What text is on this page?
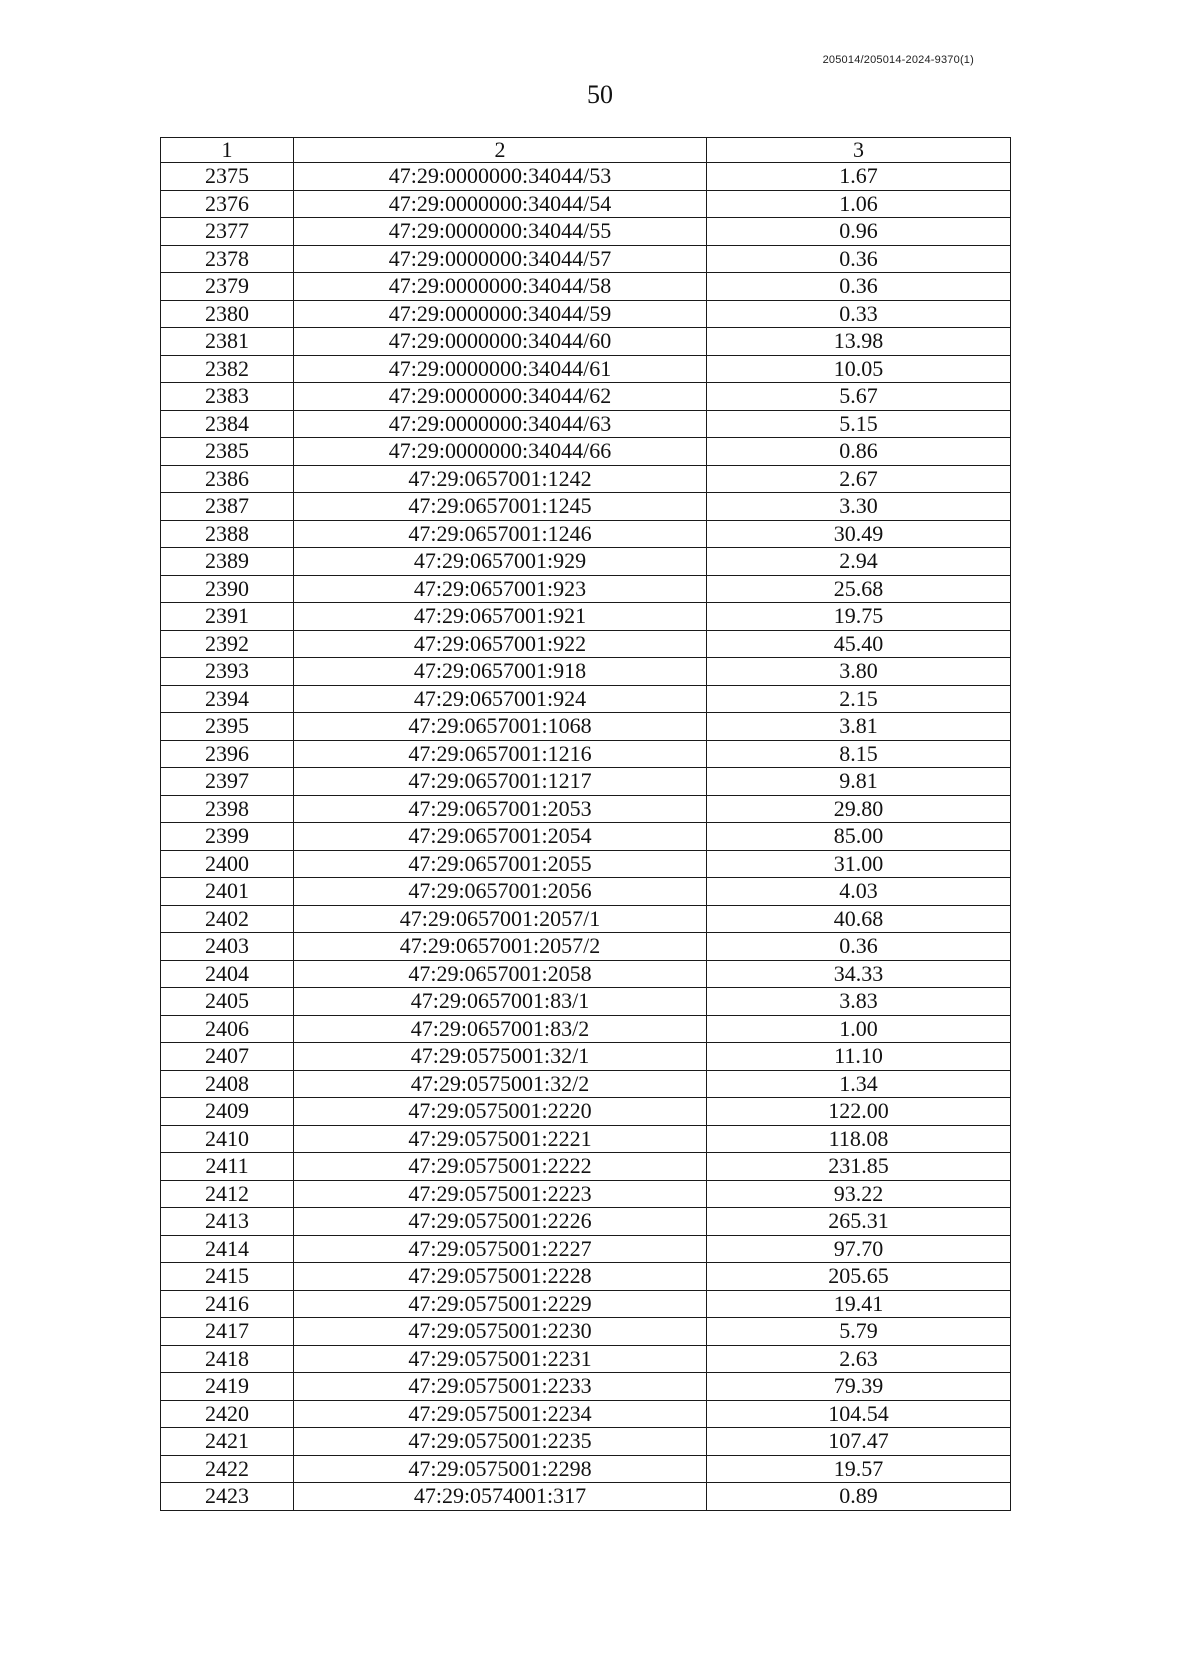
205014/205014-2024-9370(1)
50
1	2	3
2375	47:29:0000000:34044/53	1.67
2376	47:29:0000000:34044/54	1.06
2377	47:29:0000000:34044/55	0.96
2378	47:29:0000000:34044/57	0.36
2379	47:29:0000000:34044/58	0.36
2380	47:29:0000000:34044/59	0.33
2381	47:29:0000000:34044/60	13.98
2382	47:29:0000000:34044/61	10.05
2383	47:29:0000000:34044/62	5.67
2384	47:29:0000000:34044/63	5.15
2385	47:29:0000000:34044/66	0.86
2386	47:29:0657001:1242	2.67
2387	47:29:0657001:1245	3.30
2388	47:29:0657001:1246	30.49
2389	47:29:0657001:929	2.94
2390	47:29:0657001:923	25.68
2391	47:29:0657001:921	19.75
2392	47:29:0657001:922	45.40
2393	47:29:0657001:918	3.80
2394	47:29:0657001:924	2.15
2395	47:29:0657001:1068	3.81
2396	47:29:0657001:1216	8.15
2397	47:29:0657001:1217	9.81
2398	47:29:0657001:2053	29.80
2399	47:29:0657001:2054	85.00
2400	47:29:0657001:2055	31.00
2401	47:29:0657001:2056	4.03
2402	47:29:0657001:2057/1	40.68
2403	47:29:0657001:2057/2	0.36
2404	47:29:0657001:2058	34.33
2405	47:29:0657001:83/1	3.83
2406	47:29:0657001:83/2	1.00
2407	47:29:0575001:32/1	11.10
2408	47:29:0575001:32/2	1.34
2409	47:29:0575001:2220	122.00
2410	47:29:0575001:2221	118.08
2411	47:29:0575001:2222	231.85
2412	47:29:0575001:2223	93.22
2413	47:29:0575001:2226	265.31
2414	47:29:0575001:2227	97.70
2415	47:29:0575001:2228	205.65
2416	47:29:0575001:2229	19.41
2417	47:29:0575001:2230	5.79
2418	47:29:0575001:2231	2.63
2419	47:29:0575001:2233	79.39
2420	47:29:0575001:2234	104.54
2421	47:29:0575001:2235	107.47
2422	47:29:0575001:2298	19.57
2423	47:29:0574001:317	0.89
